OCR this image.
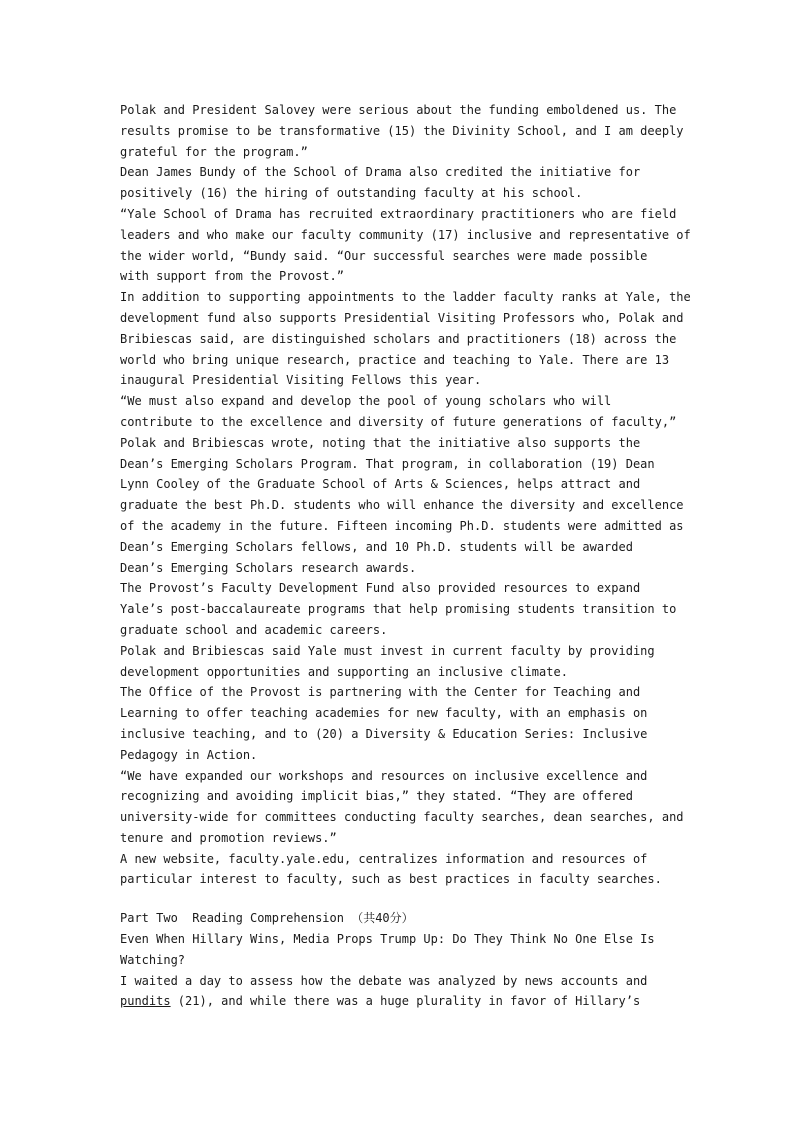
Polak and President Salovey were serious about the funding emboldened us. The
results promise to be transformative (15) the Divinity School, and I am deeply
grateful for the program.”
Dean James Bundy of the School of Drama also credited the initiative for
positively (16) the hiring of outstanding faculty at his school.
“Yale School of Drama has recruited extraordinary practitioners who are field
leaders and who make our faculty community (17) inclusive and representative of
the wider world, “Bundy said. “Our successful searches were made possible
with support from the Provost.”
In addition to supporting appointments to the ladder faculty ranks at Yale, the
development fund also supports Presidential Visiting Professors who, Polak and
Bribiescas said, are distinguished scholars and practitioners (18) across the
world who bring unique research, practice and teaching to Yale. There are 13
inaugural Presidential Visiting Fellows this year.
“We must also expand and develop the pool of young scholars who will
contribute to the excellence and diversity of future generations of faculty,”
Polak and Bribiescas wrote, noting that the initiative also supports the
Dean’s Emerging Scholars Program. That program, in collaboration (19) Dean
Lynn Cooley of the Graduate School of Arts & Sciences, helps attract and
graduate the best Ph.D. students who will enhance the diversity and excellence
of the academy in the future. Fifteen incoming Ph.D. students were admitted as
Dean’s Emerging Scholars fellows, and 10 Ph.D. students will be awarded
Dean’s Emerging Scholars research awards.
The Provost’s Faculty Development Fund also provided resources to expand
Yale’s post-baccalaureate programs that help promising students transition to
graduate school and academic careers.
Polak and Bribiescas said Yale must invest in current faculty by providing
development opportunities and supporting an inclusive climate.
The Office of the Provost is partnering with the Center for Teaching and
Learning to offer teaching academies for new faculty, with an emphasis on
inclusive teaching, and to (20) a Diversity & Education Series: Inclusive
Pedagogy in Action.
“We have expanded our workshops and resources on inclusive excellence and
recognizing and avoiding implicit bias,” they stated. “They are offered
university-wide for committees conducting faculty searches, dean searches, and
tenure and promotion reviews.”
A new website, faculty.yale.edu, centralizes information and resources of
particular interest to faculty, such as best practices in faculty searches.
Part Two  Reading Comprehension （共40分）
Even When Hillary Wins, Media Props Trump Up: Do They Think No One Else Is
Watching?
I waited a day to assess how the debate was analyzed by news accounts and
pundits (21), and while there was a huge plurality in favor of Hillary’s
